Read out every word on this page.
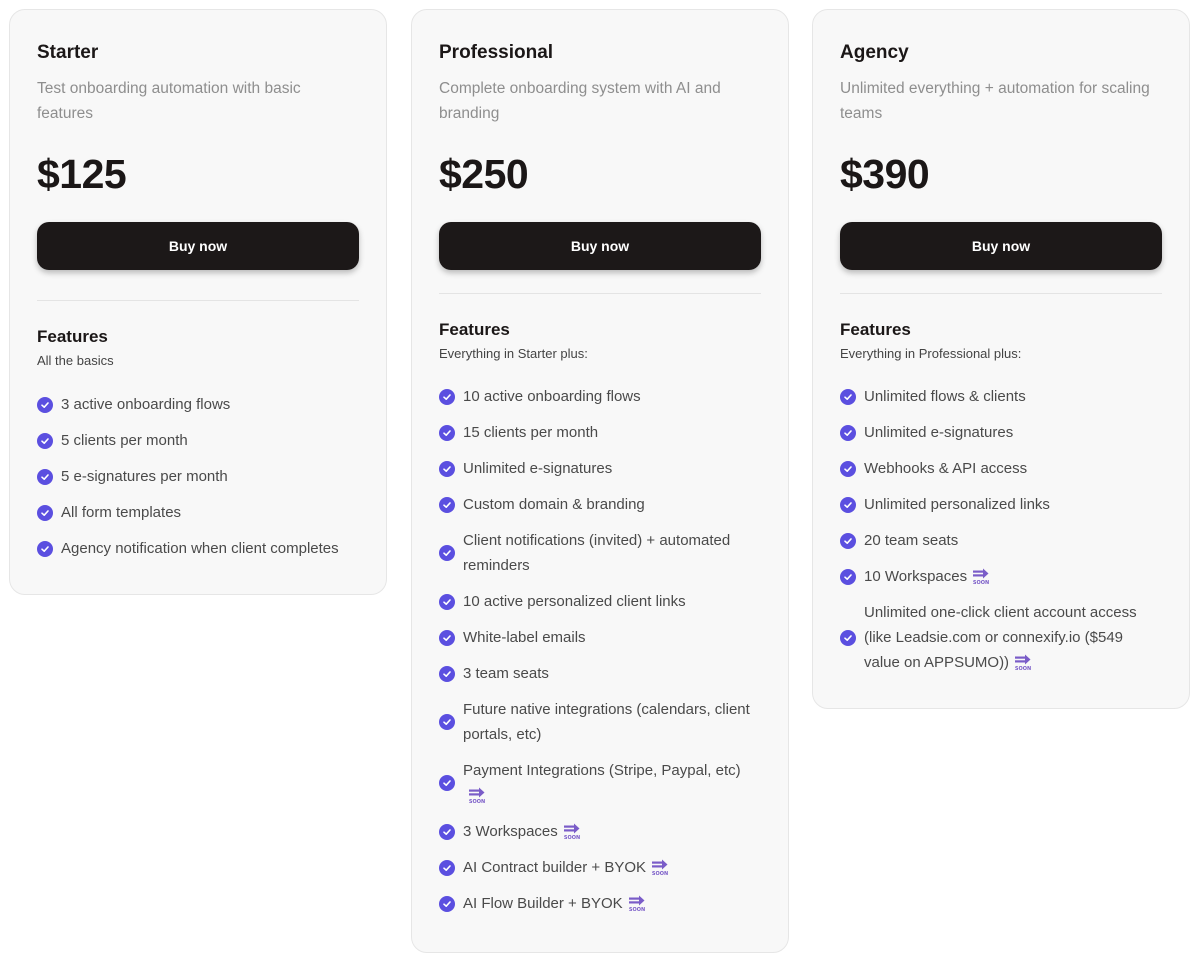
Starter
Test onboarding automation with basic features
$125
Buy now
Features
All the basics
3 active onboarding flows
5 clients per month
5 e-signatures per month
All form templates
Agency notification when client completes
Professional
Complete onboarding system with AI and branding
$250
Buy now
Features
Everything in Starter plus:
10 active onboarding flows
15 clients per month
Unlimited e-signatures
Custom domain & branding
Client notifications (invited) + automated reminders
10 active personalized client links
White-label emails
3 team seats
Future native integrations (calendars, client portals, etc)
Payment Integrations (Stripe, Paypal, etc)
SOON
3 Workspaces SOON
AI Contract builder + BYOK SOON
AI Flow Builder + BYOK SOON
Agency
Unlimited everything + automation for scaling teams
$390
Buy now
Features
Everything in Professional plus:
Unlimited flows & clients
Unlimited e-signatures
Webhooks & API access
Unlimited personalized links
20 team seats
10 Workspaces SOON
Unlimited one-click client account access (like Leadsie.com or connexify.io ($549 value on APPSUMO)) SOON
